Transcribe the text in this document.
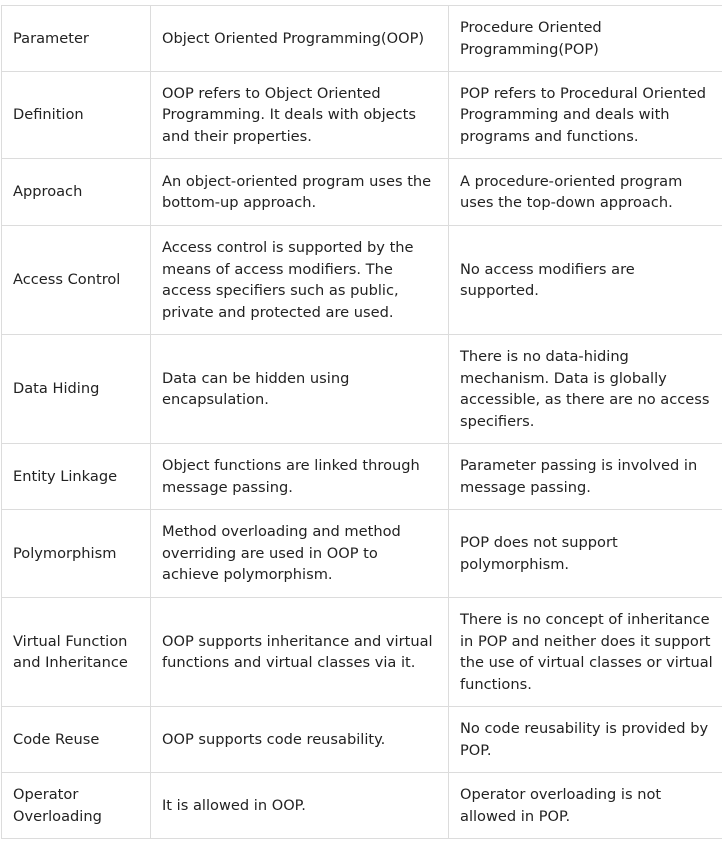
Parameter	Object Oriented Programming(OOP)	Procedure Oriented Programming(POP)
Definition	OOP refers to Object Oriented Programming. It deals with objects and their properties.	POP refers to Procedural Oriented Programming and deals with programs and functions.
Approach	An object-oriented program uses the bottom-up approach.	A procedure-oriented program uses the top-down approach.
Access Control	Access control is supported by the means of access modifiers. The access specifiers such as public, private and protected are used.	No access modifiers are supported.
Data Hiding	Data can be hidden using encapsulation.	There is no data-hiding mechanism. Data is globally accessible, as there are no access specifiers.
Entity Linkage	Object functions are linked through message passing.	Parameter passing is involved in message passing.
Polymorphism	Method overloading and method overriding are used in OOP to achieve polymorphism.	POP does not support polymorphism.
Virtual Function and Inheritance	OOP supports inheritance and virtual functions and virtual classes via it.	There is no concept of inheritance in POP and neither does it support the use of virtual classes or virtual functions.
Code Reuse	OOP supports code reusability.	No code reusability is provided by POP.
Operator Overloading	It is allowed in OOP.	Operator overloading is not allowed in POP.
